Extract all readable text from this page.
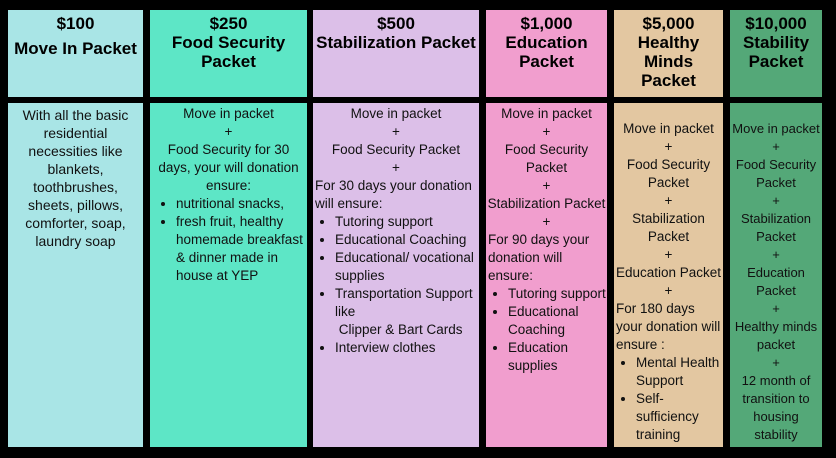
$100
Move In Packet

With all the basic residential necessities like blankets, toothbrushes, sheets, pillows, comforter, soap, laundry soap

$250
Food Security
Packet

Move in packet

+

Food Security for 30 days, your will donation ensure:

• nutritional snacks,
• fresh fruit, healthy homemade breakfast & dinner made in house at YEP
$500
Stabilization Packet

Move in packet

+

Food Security Packet

+

For 30 days your donation will ensure:

• Tutoring support
• Educational Coaching
• Educational/ vocational supplies
• Transportation Support like
Clipper & Bart Cards
• Interview clothes
$1,000
Education
Packet

Move in packet

+

Food Security Packet

+

Stabilization Packet

+

For 90 days your donation will ensure:

• Tutoring support
• Educational Coaching
• Education supplies
$5,000
Healthy
Minds
Packet

Move in packet

+

Food Security Packet

+

Stabilization Packet

+

Education Packet

+

For 180 days your donation will ensure :

• Mental Health Support
• Self-sufficiency training
$10,000
Stability
Packet

Move in packet

+

Food Security Packet

+

Stabilization Packet

+

Education Packet

+

Healthy minds packet

+

12 month of transition to housing stability
